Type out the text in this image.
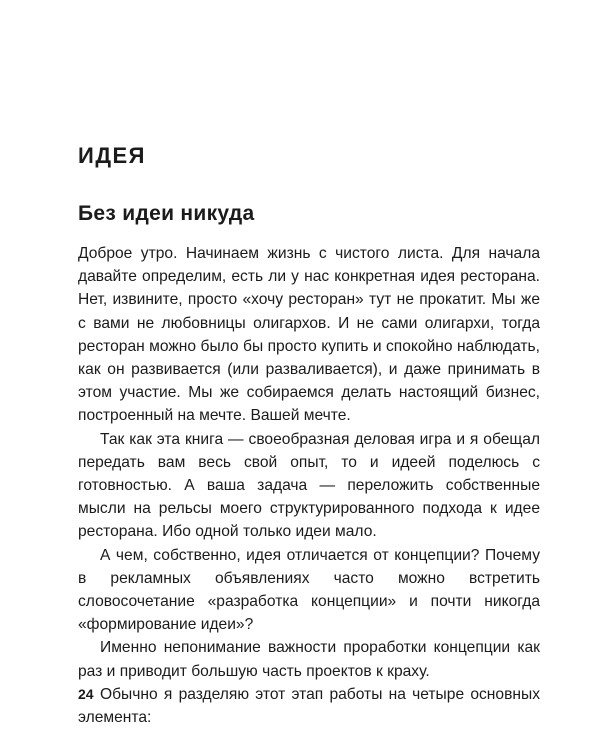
ИДЕЯ
Без идеи никуда

Доброе утро. Начинаем жизнь с чистого листа. Для начала давайте определим, есть ли у нас конкретная идея ресторана. Нет, извините, просто «хочу ресторан» тут не прокатит. Мы же с вами не любовницы олигархов. И не сами олигархи, тогда ресторан можно было бы просто купить и спокойно наблюдать, как он развивается (или разваливается), и даже принимать в этом участие. Мы же собираемся делать настоящий бизнес, построенный на мечте. Вашей мечте.

Так как эта книга — своеобразная деловая игра и я обещал передать вам весь свой опыт, то и идеей поделюсь с готовностью. А ваша задача — переложить собственные мысли на рельсы моего структурированного подхода к идее ресторана. Ибо одной только идеи мало.

А чем, собственно, идея отличается от концепции? Почему в рекламных объявлениях часто можно встретить словосочетание «разработка концепции» и почти никогда «формирование идеи»?

Именно непонимание важности проработки концепции как раз и приводит большую часть проектов к краху.

Обычно я разделяю этот этап работы на четыре основных элемента:

24
